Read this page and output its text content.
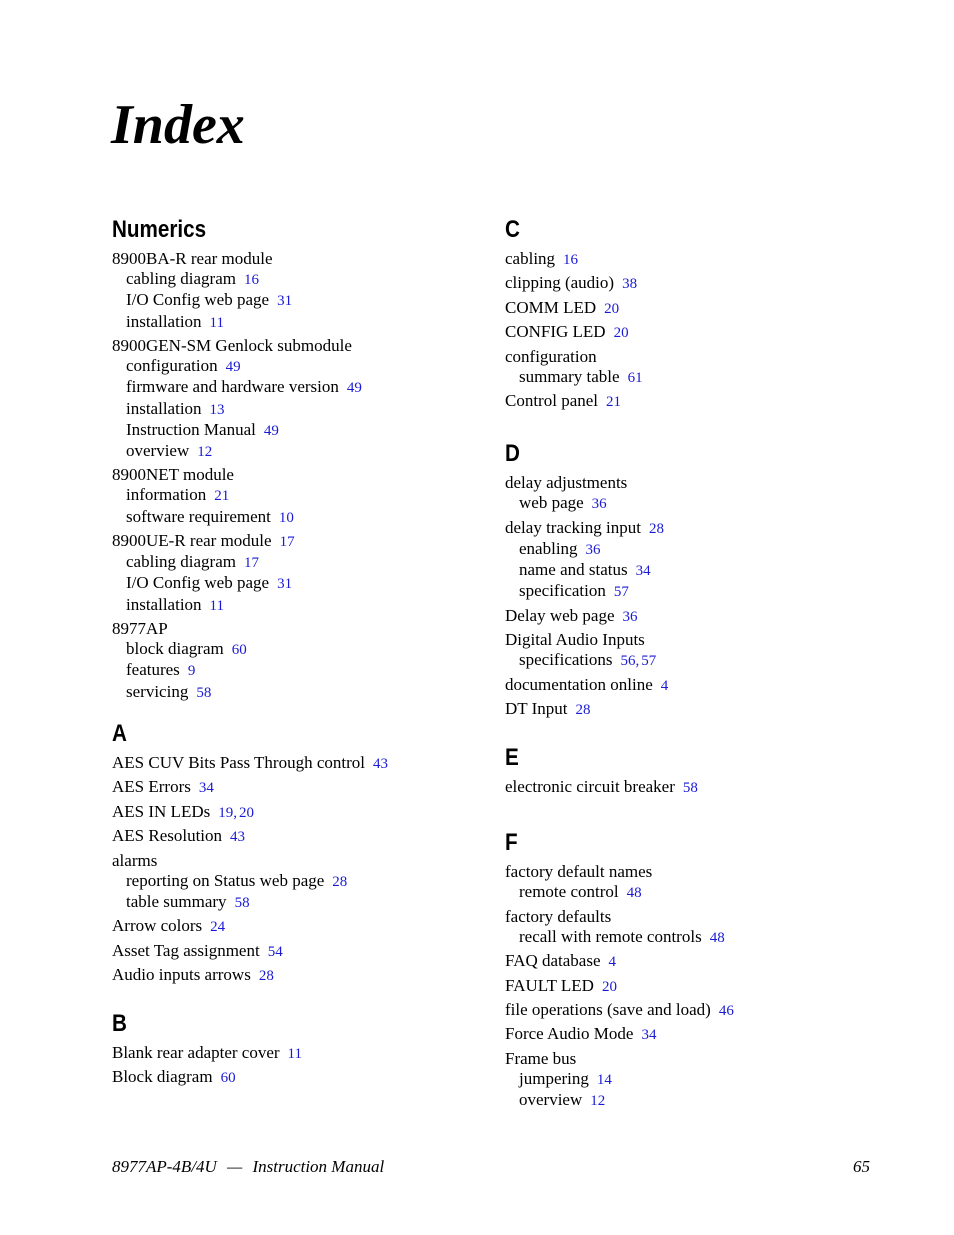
Index
Numerics
8900BA-R rear module
cabling diagram 16
I/O Config web page 31
installation 11
8900GEN-SM Genlock submodule
configuration 49
firmware and hardware version 49
installation 13
Instruction Manual 49
overview 12
8900NET module
information 21
software requirement 10
8900UE-R rear module 17
cabling diagram 17
I/O Config web page 31
installation 11
8977AP
block diagram 60
features 9
servicing 58
A
AES CUV Bits Pass Through control 43
AES Errors 34
AES IN LEDs 19, 20
AES Resolution 43
alarms
reporting on Status web page 28
table summary 58
Arrow colors 24
Asset Tag assignment 54
Audio inputs arrows 28
B
Blank rear adapter cover 11
Block diagram 60
C
cabling 16
clipping (audio) 38
COMM LED 20
CONFIG LED 20
configuration
summary table 61
Control panel 21
D
delay adjustments
web page 36
delay tracking input 28
enabling 36
name and status 34
specification 57
Delay web page 36
Digital Audio Inputs
specifications 56, 57
documentation online 4
DT Input 28
E
electronic circuit breaker 58
F
factory default names
remote control 48
factory defaults
recall with remote controls 48
FAQ database 4
FAULT LED 20
file operations (save and load) 46
Force Audio Mode 34
Frame bus
jumpering 14
overview 12
8977AP-4B/4U — Instruction Manual	65
